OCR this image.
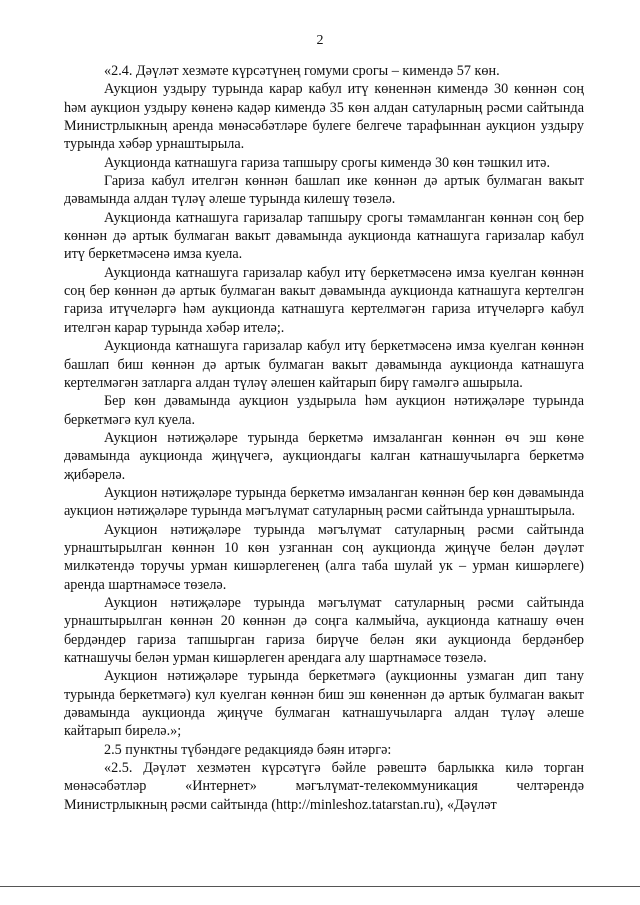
2

«2.4. Дәүләт хезмәте күрсәтүнең гомуми срогы – кимендә 57 көн.

Аукцион уздыру турында карар кабул итү көненнән кимендә 30 көннән соң һәм аукцион уздыру көненә кадәр кимендә 35 көн алдан сатуларның рәсми сайтында Министрлыкның аренда мөнәсәбәтләре булеге белгече тарафыннан аукцион уздыру турында хәбәр урнаштырыла.

Аукционда катнашуга гариза тапшыру срогы кимендә 30 көн тәшкил итә.

Гариза кабул ителгән көннән башлап ике көннән дә артык булмаган вакыт дәвамында алдан түләү әлеше турында килешү төзелә.

Аукционда катнашуга гаризалар тапшыру срогы тәмамланган көннән соң бер көннән дә артык булмаган вакыт дәвамында аукционда катнашуга гаризалар кабул итү беркетмәсенә имза куела.

Аукционда катнашуга гаризалар кабул итү беркетмәсенә имза куелган көннән соң бер көннән дә артык булмаган вакыт дәвамында аукционда катнашуга кертелгән гариза итүчеләргә һәм аукционда катнашуга кертелмәгән гариза итүчеләргә кабул ителгән карар турында хәбәр ителә;.

Аукционда катнашуга гаризалар кабул итү беркетмәсенә имза куелган көннән башлап биш көннән дә артык булмаган вакыт дәвамында аукционда катнашуга кертелмәгән затларга алдан түләү әлешен кайтарып бирү гамәлгә ашырыла.

Бер көн дәвамында аукцион уздырыла һәм аукцион нәтиҗәләре турында беркетмәгә кул куела.

Аукцион нәтиҗәләре турында беркетмә имзаланган көннән өч эш көне дәвамында аукционда җиңүчегә, аукциондагы калган катнашучыларга беркетмә җибәрелә.

Аукцион нәтиҗәләре турында беркетмә имзаланган көннән бер көн дәвамында аукцион нәтиҗәләре турында мәгълүмат сатуларның рәсми сайтында урнаштырыла.

Аукцион нәтиҗәләре турында мәгълүмат сатуларның рәсми сайтында урнаштырылган көннән 10 көн узганнан соң аукционда җиңүче белән дәүләт милкәтендә торучы урман кишәрлегенең (алга таба шулай ук – урман кишәрлеге) аренда шартнамәсе төзелә.

Аукцион нәтиҗәләре турында мәгълүмат сатуларның рәсми сайтында урнаштырылган көннән 20 көннән дә соңга калмыйча, аукционда катнашу өчен бердәндер гариза тапшырган гариза бирүче белән яки аукционда бердәнбер катнашучы белән урман кишәрлеген арендага алу шартнамәсе төзелә.

Аукцион нәтиҗәләре турында беркетмәгә (аукционны узмаган дип тану турында беркетмәгә) кул куелган көннән биш эш көненнән дә артык булмаган вакыт дәвамында аукционда җиңүче булмаган катнашучыларга алдан түләү әлеше кайтарып бирелә.»;

2.5 пунктны түбәндәге редакциядә бәян итәргә:

«2.5. Дәүләт хезмәтен күрсәтүгә бәйле рәвештә барлыкка килә торган мөнәсәбәтләр «Интернет» мәгълүмат-телекоммуникация челтәрендә Министрлыкның рәсми сайтында (http://minleshoz.tatarstan.ru), «Дәүләт
